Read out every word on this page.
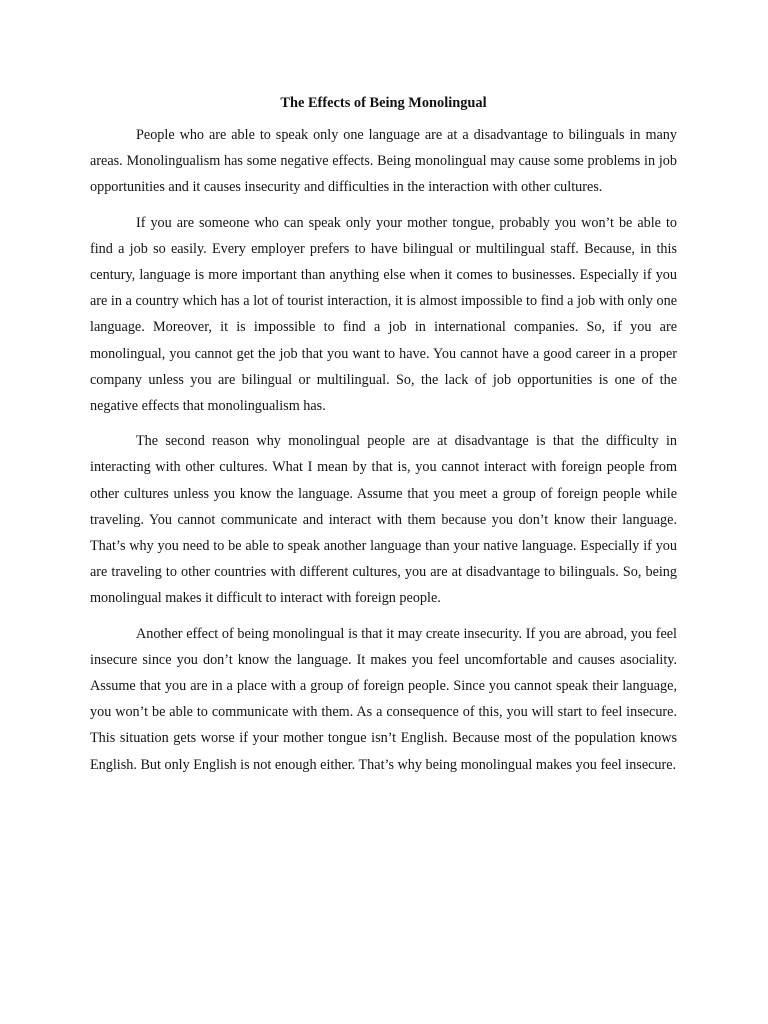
The Effects of Being Monolingual

People who are able to speak only one language are at a disadvantage to bilinguals in many areas. Monolingualism has some negative effects. Being monolingual may cause some problems in job opportunities and it causes insecurity and difficulties in the interaction with other cultures.

If you are someone who can speak only your mother tongue, probably you won’t be able to find a job so easily. Every employer prefers to have bilingual or multilingual staff. Because, in this century, language is more important than anything else when it comes to businesses. Especially if you are in a country which has a lot of tourist interaction, it is almost impossible to find a job with only one language. Moreover, it is impossible to find a job in international companies. So, if you are monolingual, you cannot get the job that you want to have. You cannot have a good career in a proper company unless you are bilingual or multilingual. So, the lack of job opportunities is one of the negative effects that monolingualism has.

The second reason why monolingual people are at disadvantage is that the difficulty in interacting with other cultures. What I mean by that is, you cannot interact with foreign people from other cultures unless you know the language. Assume that you meet a group of foreign people while traveling. You cannot communicate and interact with them because you don’t know their language. That’s why you need to be able to speak another language than your native language. Especially if you are traveling to other countries with different cultures, you are at disadvantage to bilinguals. So, being monolingual makes it difficult to interact with foreign people.

Another effect of being monolingual is that it may create insecurity. If you are abroad, you feel insecure since you don’t know the language. It makes you feel uncomfortable and causes asociality. Assume that you are in a place with a group of foreign people. Since you cannot speak their language, you won’t be able to communicate with them. As a consequence of this, you will start to feel insecure. This situation gets worse if your mother tongue isn’t English. Because most of the population knows English. But only English is not enough either. That’s why being monolingual makes you feel insecure.
